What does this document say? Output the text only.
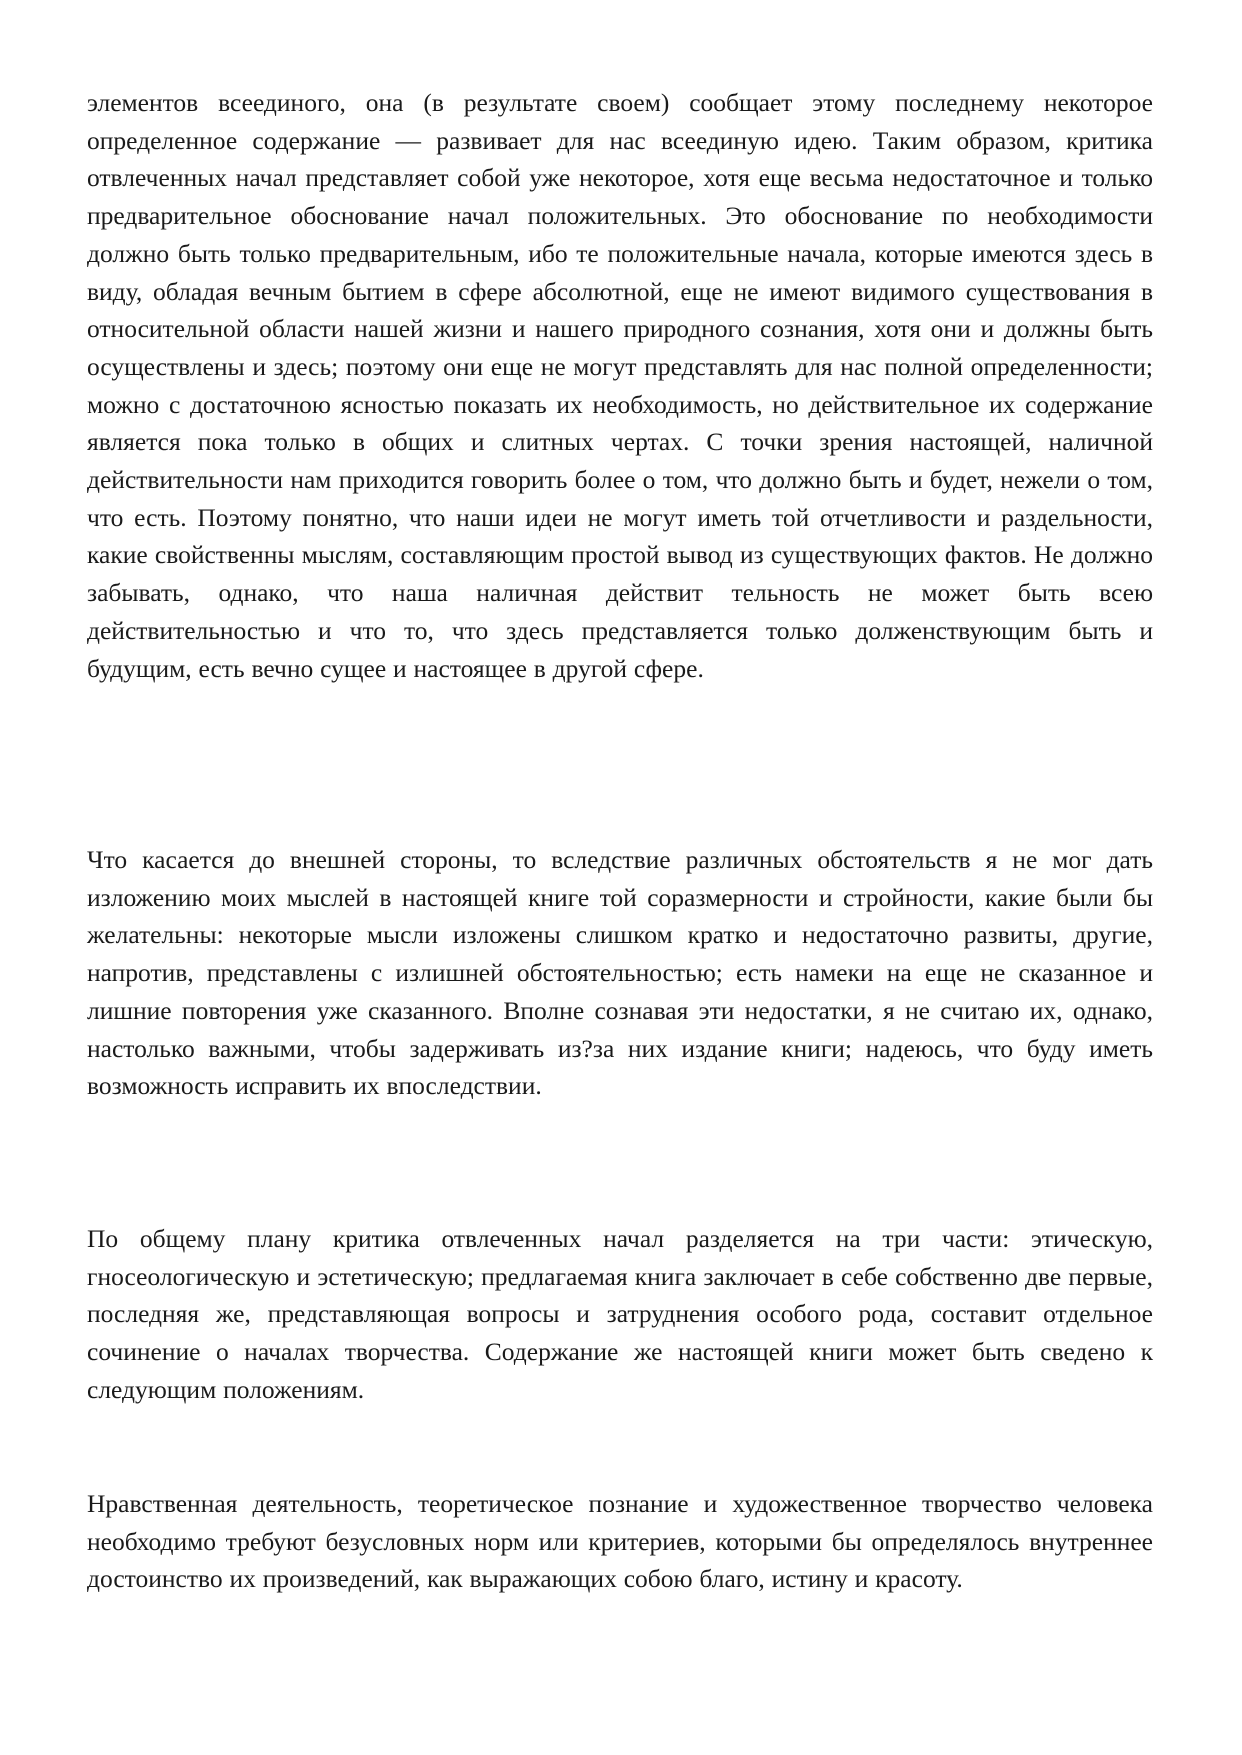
элементов всеединого, она (в результате своем) сообщает этому последнему некоторое определенное содержание — развивает для нас всеединую идею. Таким образом, критика отвлеченных начал представляет собой уже некоторое, хотя еще весьма недостаточное и только предварительное обоснование начал положительных. Это обоснование по необходимости должно быть только предварительным, ибо те положительные начала, которые имеются здесь в виду, обладая вечным бытием в сфере абсолютной, еще не имеют видимого существования в относительной области нашей жизни и нашего природного сознания, хотя они и должны быть осуществлены и здесь; поэтому они еще не могут представлять для нас полной определенности; можно с достаточною ясностью показать их необходимость, но действительное их содержание является пока только в общих и слитных чертах. С точки зрения настоящей, наличной действительности нам приходится говорить более о том, что должно быть и будет, нежели о том, что есть. Поэтому понятно, что наши идеи не могут иметь той отчетливости и раздельности, какие свойственны мыслям, составляющим простой вывод из существующих фактов. Не должно забывать, однако, что наша наличная действит тельность не может быть всею действительностью и что то, что здесь представляется только долженствующим быть и будущим, есть вечно сущее и настоящее в другой сфере.

Что касается до внешней стороны, то вследствие различных обстоятельств я не мог дать изложению моих мыслей в настоящей книге той соразмерности и стройности, какие были бы желательны: некоторые мысли изложены слишком кратко и недостаточно развиты, другие, напротив, представлены с излишней обстоятельностью; есть намеки на еще не сказанное и лишние повторения уже сказанного. Вполне сознавая эти недостатки, я не считаю их, однако, настолько важными, чтобы задерживать из?за них издание книги; надеюсь, что буду иметь возможность исправить их впоследствии.

По общему плану критика отвлеченных начал разделяется на три части: этическую, гносеологическую и эстетическую; предлагаемая книга заключает в себе собственно две первые, последняя же, представляющая вопросы и затруднения особого рода, составит отдельное сочинение о началах творчества. Содержание же настоящей книги может быть сведено к следующим положениям.

Нравственная деятельность, теоретическое познание и художественное творчество человека необходимо требуют безусловных норм или критериев, которыми бы определялось внутреннее достоинство их произведений, как выражающих собою благо, истину и красоту.
